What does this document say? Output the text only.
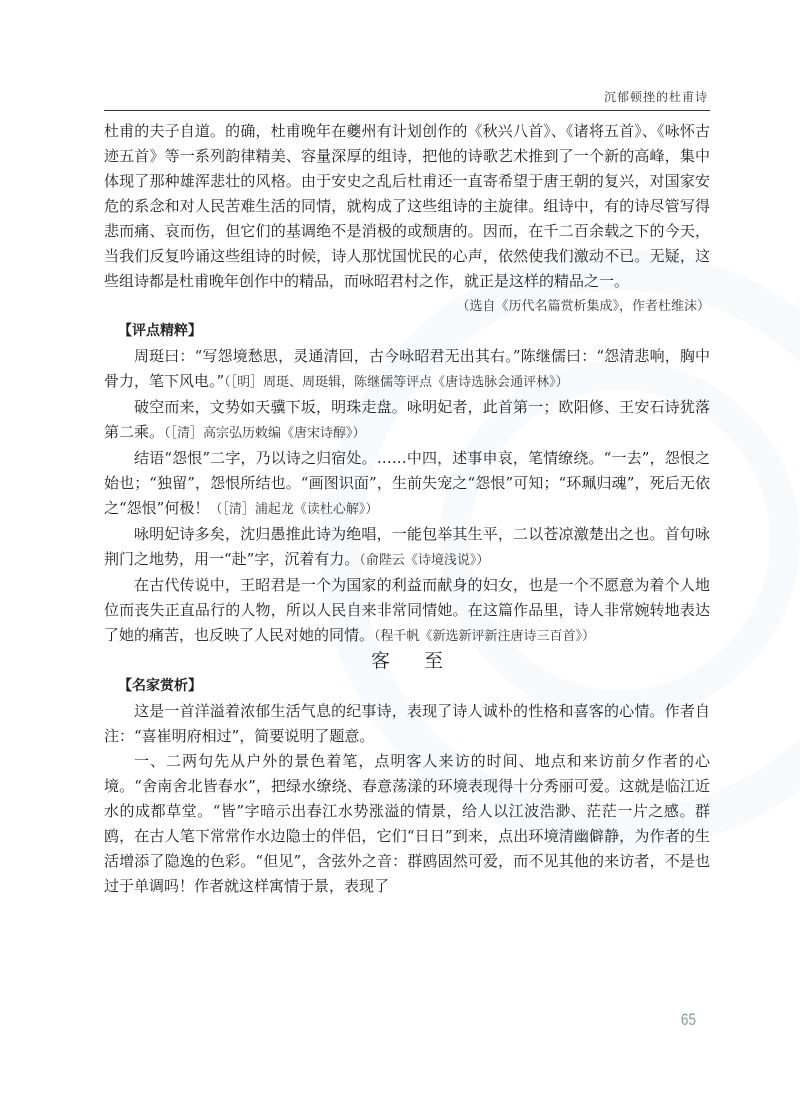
沉郁顿挫的杜甫诗

杜甫的夫子自道。的确，杜甫晚年在夔州有计划创作的《秋兴八首》、《诸将五首》、《咏怀古迹五首》等一系列韵律精美、容量深厚的组诗，把他的诗歌艺术推到了一个新的高峰，集中体现了那种雄浑悲壮的风格。由于安史之乱后杜甫还一直寄希望于唐王朝的复兴，对国家安危的系念和对人民苦难生活的同情，就构成了这些组诗的主旋律。组诗中，有的诗尽管写得悲而痛、哀而伤，但它们的基调绝不是消极的或颓唐的。因而，在千二百余载之下的今天，当我们反复吟诵这些组诗的时候，诗人那忧国忧民的心声，依然使我们激动不已。无疑，这些组诗都是杜甫晚年创作中的精品，而咏昭君村之作，就正是这样的精品之一。

（选自《历代名篇赏析集成》，作者杜维沫）

【评点精粹】

周珽曰：“写怨境愁思，灵通清回，古今咏昭君无出其右。”陈继儒曰：“怨清悲响，胸中骨力，笔下风电。”（［明］周珽、周珽辑，陈继儒等评点《唐诗选脉会通评林》）

破空而来，文势如天骥下坂，明珠走盘。咏明妃者，此首第一；欧阳修、王安石诗犹落第二乘。（［清］高宗弘历敕编《唐宋诗醇》）

结语“怨恨”二字，乃以诗之归宿处。……中四，述事申哀，笔情缭绕。“一去”，怨恨之始也；“独留”，怨恨所结也。“画图识面”，生前失宠之“怨恨”可知；“环珮归魂”，死后无依之“怨恨”何极！（［清］浦起龙《读杜心解》）

咏明妃诗多矣，沈归愚推此诗为绝唱，一能包举其生平，二以苍凉激楚出之也。首句咏荆门之地势，用一“赴”字，沉着有力。（俞陛云《诗境浅说》）

在古代传说中，王昭君是一个为国家的利益而献身的妇女，也是一个不愿意为着个人地位而丧失正直品行的人物，所以人民自来非常同情她。在这篇作品里，诗人非常婉转地表达了她的痛苦，也反映了人民对她的同情。（程千帆《新选新评新注唐诗三百首》）

客至

【名家赏析】

这是一首洋溢着浓郁生活气息的纪事诗，表现了诗人诚朴的性格和喜客的心情。作者自注：“喜崔明府相过”，简要说明了题意。

一、二两句先从户外的景色着笔，点明客人来访的时间、地点和来访前夕作者的心境。“舍南舍北皆春水”，把绿水缭绕、春意荡漾的环境表现得十分秀丽可爱。这就是临江近水的成都草堂。“皆”字暗示出春江水势涨溢的情景，给人以江波浩渺、茫茫一片之感。群鸥，在古人笔下常常作水边隐士的伴侣，它们“日日”到来，点出环境清幽僻静，为作者的生活增添了隐逸的色彩。“但见”，含弦外之音：群鸥固然可爱，而不见其他的来访者，不是也过于单调吗！作者就这样寓情于景，表现了

65
